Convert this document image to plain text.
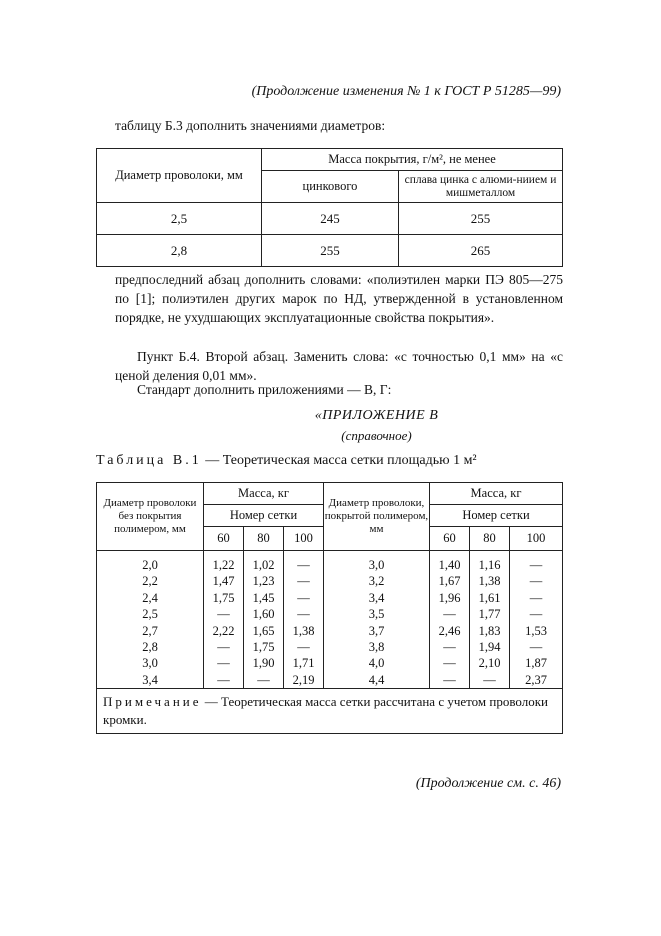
(Продолжение изменения № 1 к ГОСТ Р 51285—99)
таблицу Б.3 дополнить значениями диаметров:
Диаметр проволоки, мм	Масса покрытия, г/м², не менее	
	цинкового	сплава цинка с алюми-ниием и мишметаллом
2,5	245	255
2,8	255	265
предпоследний абзац дополнить словами: «полиэтилен марки ПЭ 805—275 по [1]; полиэтилен других марок по НД, утвержденной в установленном порядке, не ухудшающих эксплуатационные свойства покрытия».
Пункт Б.4. Второй абзац. Заменить слова: «с точностью 0,1 мм» на «с ценой деления 0,01 мм».
Стандарт дополнить приложениями — В, Г:
«ПРИЛОЖЕНИЕ В
(справочное)
Таблица В.1 — Теоретическая масса сетки площадью 1 м²
Диаметр проволоки без покрытия полимером, мм	Масса, кг			Диаметр проволоки, покрытой полимером, мм	Масса, кг		
	Номер сетки				Номер сетки		
	60	80	100		60	80	100
2,0	1,22	1,02	—	3,0	1,40	1,16	—
2,2	1,47	1,23	—	3,2	1,67	1,38	—
2,4	1,75	1,45	—	3,4	1,96	1,61	—
2,5	—	1,60	—	3,5	—	1,77	—
2,7	2,22	1,65	1,38	3,7	2,46	1,83	1,53
2,8	—	1,75	—	3,8	—	1,94	—
3,0	—	1,90	1,71	4,0	—	2,10	1,87
3,4	—	—	2,19	4,4	—	—	2,37
Примечание — Теоретическая масса сетки рассчитана с учетом проволоки кромки.							
(Продолжение см. с. 46)
